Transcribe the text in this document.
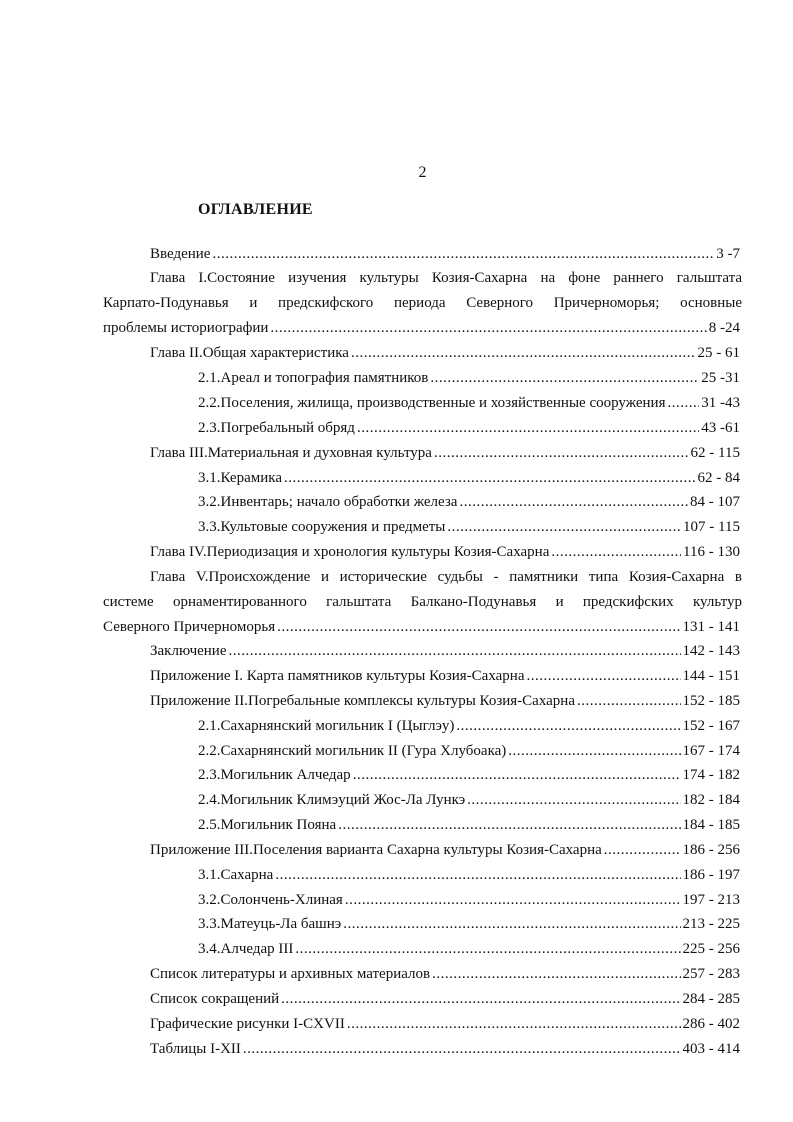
2
ОГЛАВЛЕНИЕ
Введение .....	3 -7
Глава I.Состояние изучения культуры Козия-Сахарна на фоне раннего гальштата
Карпато-Подунавья и предскифского периода Северного Причерноморья; основные
проблемы историографии .....	8 -24
Глава II.Общая характеристика .....	25 - 61
2.1.Ареал и топография памятников .....	25 -31
2.2.Поселения, жилища, производственные и хозяйственные сооружения ..... 31 -43
2.3.Погребальный обряд .....	43 -61
Глава III.Материальная и духовная культура .....	62 - 115
3.1.Керамика .....	62 - 84
3.2.Инвентарь; начало обработки железа .....	84 - 107
3.3.Культовые сооружения и предметы .....	107 - 115
Глава IV.Периодизация и хронология культуры Козия-Сахарна .....	116 - 130
Глава V.Происхождение и исторические судьбы - памятники типа Козия-Сахарна в
системе орнаментированного гальштата Балкано-Подунавья и предскифских культур
Северного Причерноморья .....	131 - 141
Заключение .....	142 - 143
Приложение I. Карта памятников культуры Козия-Сахарна .....	144 - 151
Приложение II.Погребальные комплексы культуры Козия-Сахарна .....	152 - 185
2.1.Сахарнянский могильник I (Цыглэу) .....	152 - 167
2.2.Сахарнянский могильник II (Гура Хлубоака) .....	167 - 174
2.3.Могильник Алчедар .....	174 - 182
2.4.Могильник Климэуций Жос-Ла Лункэ .....	182 - 184
2.5.Могильник Пояна .....	184 - 185
Приложение III.Поселения варианта Сахарна культуры Козия-Сахарна .....	186 - 256
3.1.Сахарна .....	186 - 197
3.2.Солончень-Хлиная .....	197 - 213
3.3.Матеуць-Ла башнэ .....	213 - 225
3.4.Алчедар III .....	225 - 256
Список литературы и архивных материалов .....	257 - 283
Список сокращений .....	284 - 285
Графические рисунки I-CXVII .....	286 - 402
Таблицы I-XII .....	403 - 414
